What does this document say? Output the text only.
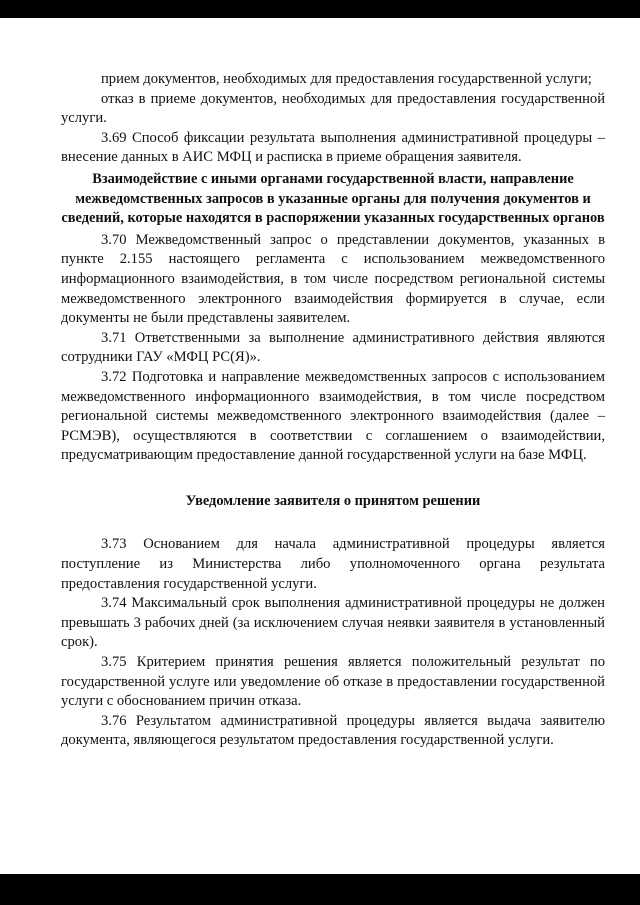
прием документов, необходимых для предоставления государственной услуги;

отказ в приеме документов, необходимых для предоставления государственной услуги.

3.69 Способ фиксации результата выполнения административной процедуры – внесение данных в АИС МФЦ и расписка в приеме обращения заявителя.

Взаимодействие с иными органами государственной власти, направление межведомственных запросов в указанные органы для получения документов и сведений, которые находятся в распоряжении указанных государственных органов

3.70 Межведомственный запрос о представлении документов, указанных в пункте 2.155 настоящего регламента с использованием межведомственного информационного взаимодействия, в том числе посредством региональной системы межведомственного электронного взаимодействия формируется в случае, если документы не были представлены заявителем.

3.71 Ответственными за выполнение административного действия являются сотрудники ГАУ «МФЦ РС(Я)».

3.72 Подготовка и направление межведомственных запросов с использованием межведомственного информационного взаимодействия, в том числе посредством региональной системы межведомственного электронного взаимодействия (далее – РСМЭВ), осуществляются в соответствии с соглашением о взаимодействии, предусматривающим предоставление данной государственной услуги на базе МФЦ.

Уведомление заявителя о принятом решении

3.73 Основанием для начала административной процедуры является поступление из Министерства либо уполномоченного органа результата предоставления государственной услуги.

3.74 Максимальный срок выполнения административной процедуры не должен превышать 3 рабочих дней (за исключением случая неявки заявителя в установленный срок).

3.75 Критерием принятия решения является положительный результат по государственной услуге или уведомление об отказе в предоставлении государственной услуги с обоснованием причин отказа.

3.76 Результатом административной процедуры является выдача заявителю документа, являющегося результатом предоставления государственной услуги.
